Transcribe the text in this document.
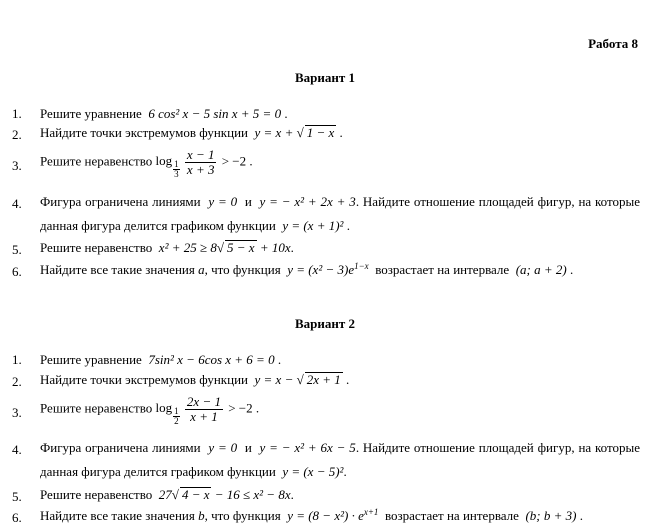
Работа 8
Вариант 1
1.	Решите уравнение 6 cos² x − 5 sin x + 5 = 0 .
2.	Найдите точки экстремумов функции y = x + √ 1 − x .
3.	Решите неравенство log 1
3
$\frac{x - 1}{x + 3} > -2$ .
4.	Фигура ограничена линиями y = 0 и y = − x² + 2x + 3. Найдите отношение площадей фигур, на которые данная фигура делится графиком функции y = (x + 1)² .
5.	Решите неравенство x² + 25 ≥ 8√ 5 − x + 10x.
6.	Найдите все такие значения a, что функция $y = (x^2 - 3)e^{1-x}$ возрастает на интервале (a; a + 2) .
Вариант 2
1.	Решите уравнение 7sin² x − 6cos x + 6 = 0 .
2.	Найдите точки экстремумов функции y = x − √ 2x + 1 .
3.	Решите неравенство log 1
2
$\frac{2x - 1}{x + 1} > -2$ .
4.	Фигура ограничена линиями y = 0 и y = − x² + 6x − 5. Найдите отношение площадей фигур, на которые данная фигура делится графиком функции y = (x − 5)².
5.	Решите неравенство 27√ 4 − x − 16 ≤ x² − 8x.
6.	Найдите все такие значения b, что функция $y = (8 - x^2) \cdot e^{x+1}$ возрастает на интервале (b; b + 3) .
